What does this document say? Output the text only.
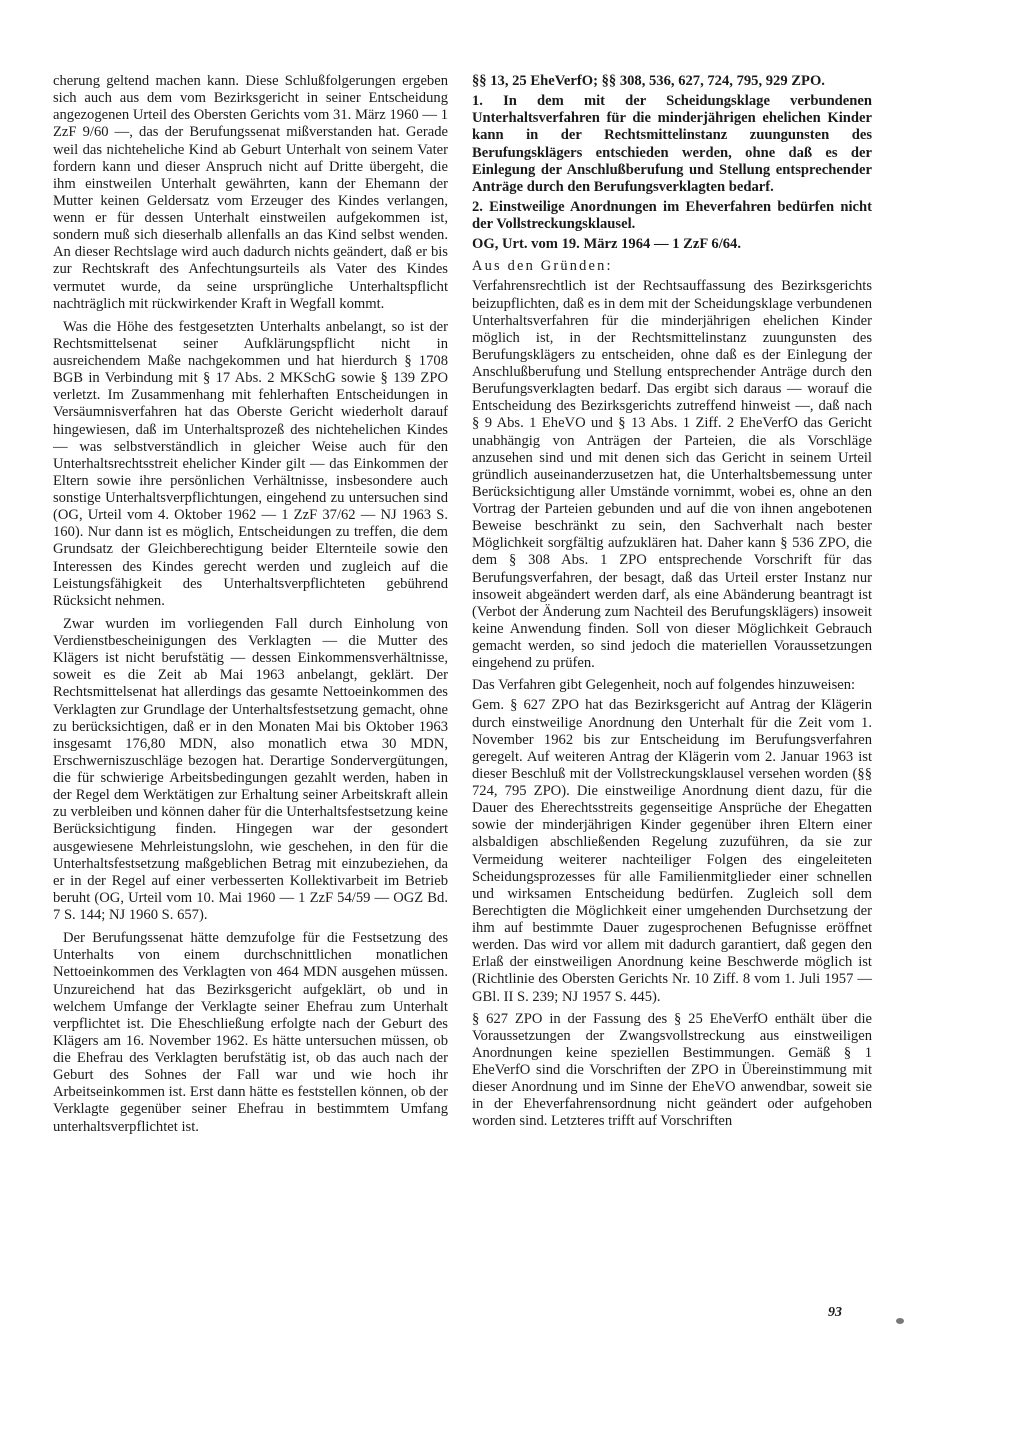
cherung geltend machen kann. Diese Schlußfolgerungen ergeben sich auch aus dem vom Bezirksgericht in seiner Entscheidung angezogenen Urteil des Obersten Gerichts vom 31. März 1960 — 1 ZzF 9/60 —, das der Berufungssenat mißverstanden hat. Gerade weil das nichteheliche Kind ab Geburt Unterhalt von seinem Vater fordern kann und dieser Anspruch nicht auf Dritte übergeht, die ihm einstweilen Unterhalt gewährten, kann der Ehemann der Mutter keinen Geldersatz vom Erzeuger des Kindes verlangen, wenn er für dessen Unterhalt einstweilen aufgekommen ist, sondern muß sich dieserhalb allenfalls an das Kind selbst wenden. An dieser Rechtslage wird auch dadurch nichts geändert, daß er bis zur Rechtskraft des Anfechtungsurteils als Vater des Kindes vermutet wurde, da seine ursprüngliche Unterhaltspflicht nachträglich mit rückwirkender Kraft in Wegfall kommt.

Was die Höhe des festgesetzten Unterhalts anbelangt, so ist der Rechtsmittelsenat seiner Aufklärungspflicht nicht in ausreichendem Maße nachgekommen und hat hierdurch § 1708 BGB in Verbindung mit § 17 Abs. 2 MKSchG sowie § 139 ZPO verletzt. Im Zusammenhang mit fehlerhaften Entscheidungen in Versäumnisverfahren hat das Oberste Gericht wiederholt darauf hingewiesen, daß im Unterhaltsprozeß des nichtehelichen Kindes — was selbstverständlich in gleicher Weise auch für den Unterhaltsrechtsstreit ehelicher Kinder gilt — das Einkommen der Eltern sowie ihre persönlichen Verhältnisse, insbesondere auch sonstige Unterhaltsverpflichtungen, eingehend zu untersuchen sind (OG, Urteil vom 4. Oktober 1962 — 1 ZzF 37/62 — NJ 1963 S. 160). Nur dann ist es möglich, Entscheidungen zu treffen, die dem Grundsatz der Gleichberechtigung beider Elternteile sowie den Interessen des Kindes gerecht werden und zugleich auf die Leistungsfähigkeit des Unterhaltsverpflichteten gebührend Rücksicht nehmen.

Zwar wurden im vorliegenden Fall durch Einholung von Verdienstbescheinigungen des Verklagten — die Mutter des Klägers ist nicht berufstätig — dessen Einkommensverhältnisse, soweit es die Zeit ab Mai 1963 anbelangt, geklärt. Der Rechtsmittelsenat hat allerdings das gesamte Nettoeinkommen des Verklagten zur Grundlage der Unterhaltsfestsetzung gemacht, ohne zu berücksichtigen, daß er in den Monaten Mai bis Oktober 1963 insgesamt 176,80 MDN, also monatlich etwa 30 MDN, Erschwerniszuschläge bezogen hat. Derartige Sondervergütungen, die für schwierige Arbeitsbedingungen gezahlt werden, haben in der Regel dem Werktätigen zur Erhaltung seiner Arbeitskraft allein zu verbleiben und können daher für die Unterhaltsfestsetzung keine Berücksichtigung finden. Hingegen war der gesondert ausgewiesene Mehrleistungslohn, wie geschehen, in den für die Unterhaltsfestsetzung maßgeblichen Betrag mit einzubeziehen, da er in der Regel auf einer verbesserten Kollektivarbeit im Betrieb beruht (OG, Urteil vom 10. Mai 1960 — 1 ZzF 54/59 — OGZ Bd. 7 S. 144; NJ 1960 S. 657).

Der Berufungssenat hätte demzufolge für die Festsetzung des Unterhalts von einem durchschnittlichen monatlichen Nettoeinkommen des Verklagten von 464 MDN ausgehen müssen. Unzureichend hat das Bezirksgericht aufgeklärt, ob und in welchem Umfange der Verklagte seiner Ehefrau zum Unterhalt verpflichtet ist. Die Eheschließung erfolgte nach der Geburt des Klägers am 16. November 1962. Es hätte untersuchen müssen, ob die Ehefrau des Verklagten berufstätig ist, ob das auch nach der Geburt des Sohnes der Fall war und wie hoch ihr Arbeitseinkommen ist. Erst dann hätte es feststellen können, ob der Verklagte gegenüber seiner Ehefrau in bestimmtem Umfang unterhaltsverpflichtet ist.

§§ 13, 25 EheVerfO; §§ 308, 536, 627, 724, 795, 929 ZPO.

1. In dem mit der Scheidungsklage verbundenen Unterhaltsverfahren für die minderjährigen ehelichen Kinder kann in der Rechtsmittelinstanz zuungunsten des Berufungsklägers entschieden werden, ohne daß es der Einlegung der Anschlußberufung und Stellung entsprechender Anträge durch den Berufungsverklagten bedarf.

2. Einstweilige Anordnungen im Eheverfahren bedürfen nicht der Vollstreckungsklausel.

OG, Urt. vom 19. März 1964 — 1 ZzF 6/64.

Aus den Gründen:

Verfahrensrechtlich ist der Rechtsauffassung des Bezirksgerichts beizupflichten, daß es in dem mit der Scheidungsklage verbundenen Unterhaltsverfahren für die minderjährigen ehelichen Kinder möglich ist, in der Rechtsmittelinstanz zuungunsten des Berufungsklägers zu entscheiden, ohne daß es der Einlegung der Anschlußberufung und Stellung entsprechender Anträge durch den Berufungsverklagten bedarf. Das ergibt sich daraus — worauf die Entscheidung des Bezirksgerichts zutreffend hinweist —, daß nach § 9 Abs. 1 EheVO und § 13 Abs. 1 Ziff. 2 EheVerfO das Gericht unabhängig von Anträgen der Parteien, die als Vorschläge anzusehen sind und mit denen sich das Gericht in seinem Urteil gründlich auseinanderzusetzen hat, die Unterhaltsbemessung unter Berücksichtigung aller Umstände vornimmt, wobei es, ohne an den Vortrag der Parteien gebunden und auf die von ihnen angebotenen Beweise beschränkt zu sein, den Sachverhalt nach bester Möglichkeit sorgfältig aufzuklären hat. Daher kann § 536 ZPO, die dem § 308 Abs. 1 ZPO entsprechende Vorschrift für das Berufungsverfahren, der besagt, daß das Urteil erster Instanz nur insoweit abgeändert werden darf, als eine Abänderung beantragt ist (Verbot der Änderung zum Nachteil des Berufungsklägers) insoweit keine Anwendung finden. Soll von dieser Möglichkeit Gebrauch gemacht werden, so sind jedoch die materiellen Voraussetzungen eingehend zu prüfen.

Das Verfahren gibt Gelegenheit, noch auf folgendes hinzuweisen:

Gem. § 627 ZPO hat das Bezirksgericht auf Antrag der Klägerin durch einstweilige Anordnung den Unterhalt für die Zeit vom 1. November 1962 bis zur Entscheidung im Berufungsverfahren geregelt. Auf weiteren Antrag der Klägerin vom 2. Januar 1963 ist dieser Beschluß mit der Vollstreckungsklausel versehen worden (§§ 724, 795 ZPO). Die einstweilige Anordnung dient dazu, für die Dauer des Eherechtsstreits gegenseitige Ansprüche der Ehegatten sowie der minderjährigen Kinder gegenüber ihren Eltern einer alsbaldigen abschließenden Regelung zuzuführen, da sie zur Vermeidung weiterer nachteiliger Folgen des eingeleiteten Scheidungsprozesses für alle Familienmitglieder einer schnellen und wirksamen Entscheidung bedürfen. Zugleich soll dem Berechtigten die Möglichkeit einer umgehenden Durchsetzung der ihm auf bestimmte Dauer zugesprochenen Befugnisse eröffnet werden. Das wird vor allem mit dadurch garantiert, daß gegen den Erlaß der einstweiligen Anordnung keine Beschwerde möglich ist (Richtlinie des Obersten Gerichts Nr. 10 Ziff. 8 vom 1. Juli 1957 — GBl. II S. 239; NJ 1957 S. 445).

§ 627 ZPO in der Fassung des § 25 EheVerfO enthält über die Voraussetzungen der Zwangsvollstreckung aus einstweiligen Anordnungen keine speziellen Bestimmungen. Gemäß § 1 EheVerfO sind die Vorschriften der ZPO in Übereinstimmung mit dieser Anordnung und im Sinne der EheVO anwendbar, soweit sie in der Eheverfahrensordnung nicht geändert oder aufgehoben worden sind. Letzteres trifft auf Vorschriften

93
